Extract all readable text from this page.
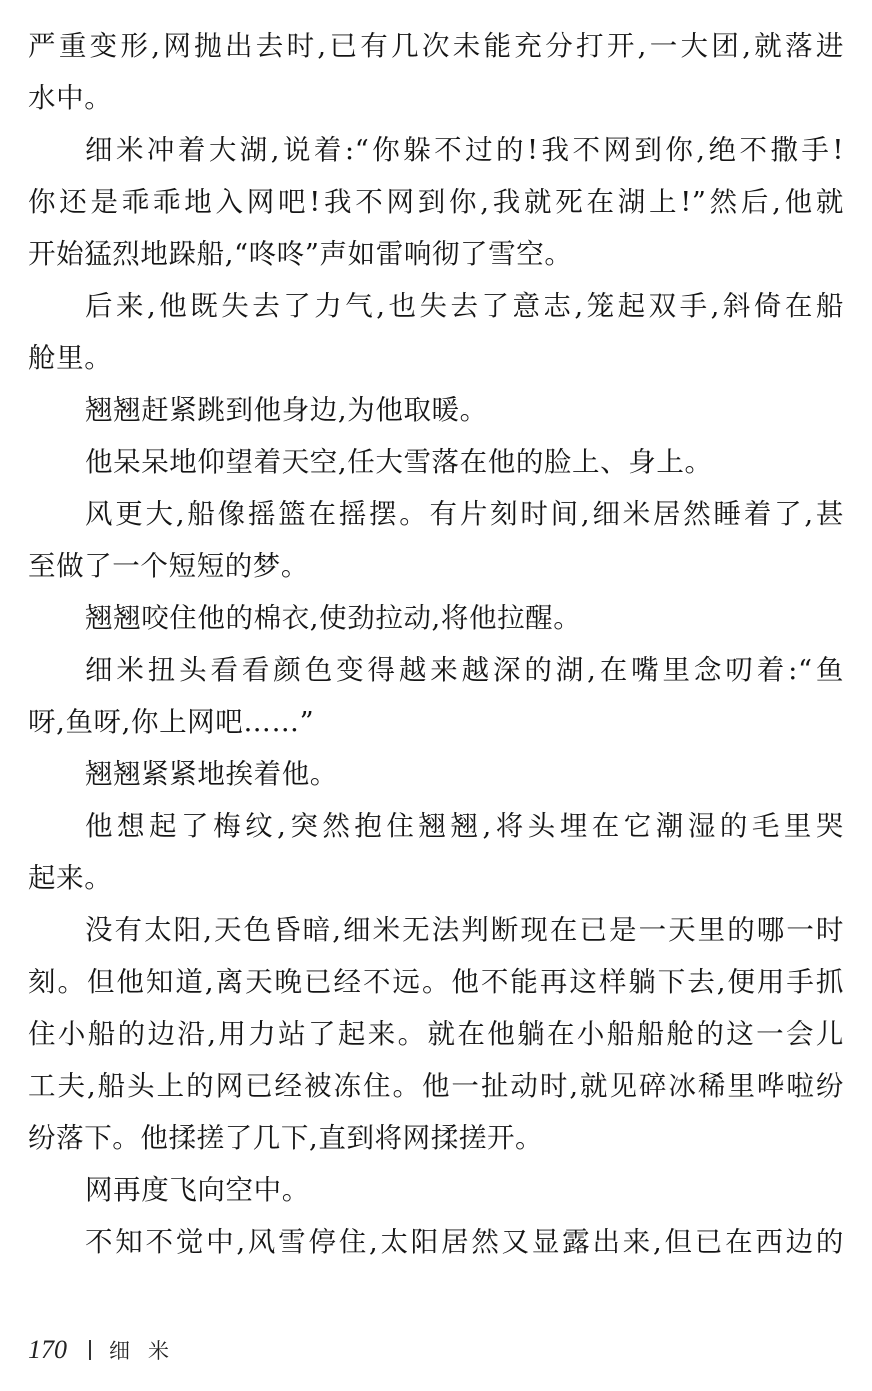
严重变形,网抛出去时,已有几次未能充分打开,一大团,就落进
水中。
细米冲着大湖,说着:“你躲不过的!我不网到你,绝不撒手!
你还是乖乖地入网吧!我不网到你,我就死在湖上!”然后,他就
开始猛烈地跺船,“咚咚”声如雷响彻了雪空。
后来,他既失去了力气,也失去了意志,笼起双手,斜倚在船
舱里。
翘翘赶紧跳到他身边,为他取暖。
他呆呆地仰望着天空,任大雪落在他的脸上、身上。
风更大,船像摇篮在摇摆。有片刻时间,细米居然睡着了,甚
至做了一个短短的梦。
翘翘咬住他的棉衣,使劲拉动,将他拉醒。
细米扭头看看颜色变得越来越深的湖,在嘴里念叨着:“鱼
呀,鱼呀,你上网吧……”
翘翘紧紧地挨着他。
他想起了梅纹,突然抱住翘翘,将头埋在它潮湿的毛里哭
起来。
没有太阳,天色昏暗,细米无法判断现在已是一天里的哪一时
刻。但他知道,离天晚已经不远。他不能再这样躺下去,便用手抓
住小船的边沿,用力站了起来。就在他躺在小船船舱的这一会儿
工夫,船头上的网已经被冻住。他一扯动时,就见碎冰稀里哗啦纷
纷落下。他揉搓了几下,直到将网揉搓开。
网再度飞向空中。
不知不觉中,风雪停住,太阳居然又显露出来,但已在西边的
170 细米
